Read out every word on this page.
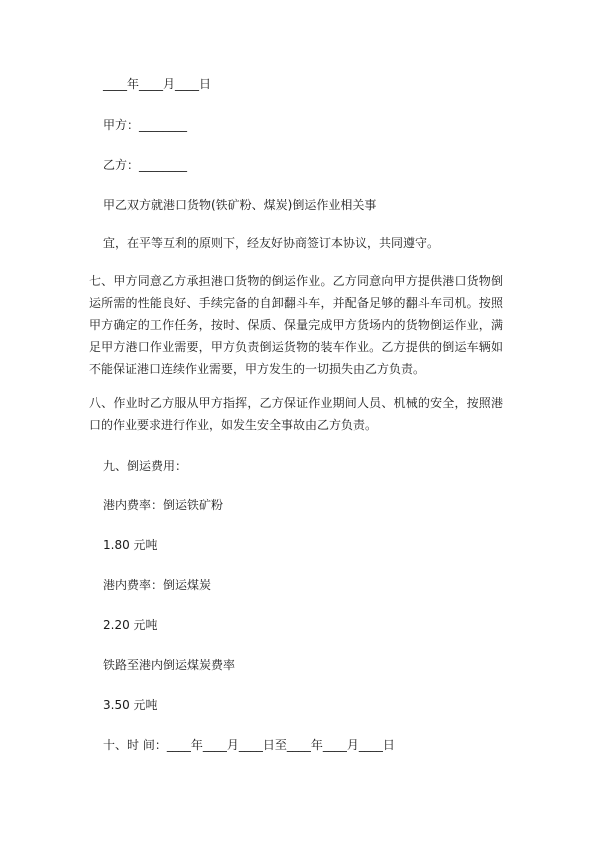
____年____月____日

甲方：________

乙方：________

甲乙双方就港口货物(铁矿粉、煤炭)倒运作业相关事

宜，在平等互利的原则下，经友好协商签订本协议，共同遵守。

七、甲方同意乙方承担港口货物的倒运作业。乙方同意向甲方提供港口货物倒运所需的性能良好、手续完备的自卸翻斗车，并配备足够的翻斗车司机。按照甲方确定的工作任务，按时、保质、保量完成甲方货场内的货物倒运作业，满足甲方港口作业需要，甲方负责倒运货物的装车作业。乙方提供的倒运车辆如不能保证港口连续作业需要，甲方发生的一切损失由乙方负责。

八、作业时乙方服从甲方指挥，乙方保证作业期间人员、机械的安全，按照港口的作业要求进行作业，如发生安全事故由乙方负责。

九、倒运费用：

港内费率：倒运铁矿粉

1.80 元吨

港内费率：倒运煤炭

2.20 元吨

铁路至港内倒运煤炭费率

3.50 元吨

十、时 间：____年____月____日至____年____月____日
